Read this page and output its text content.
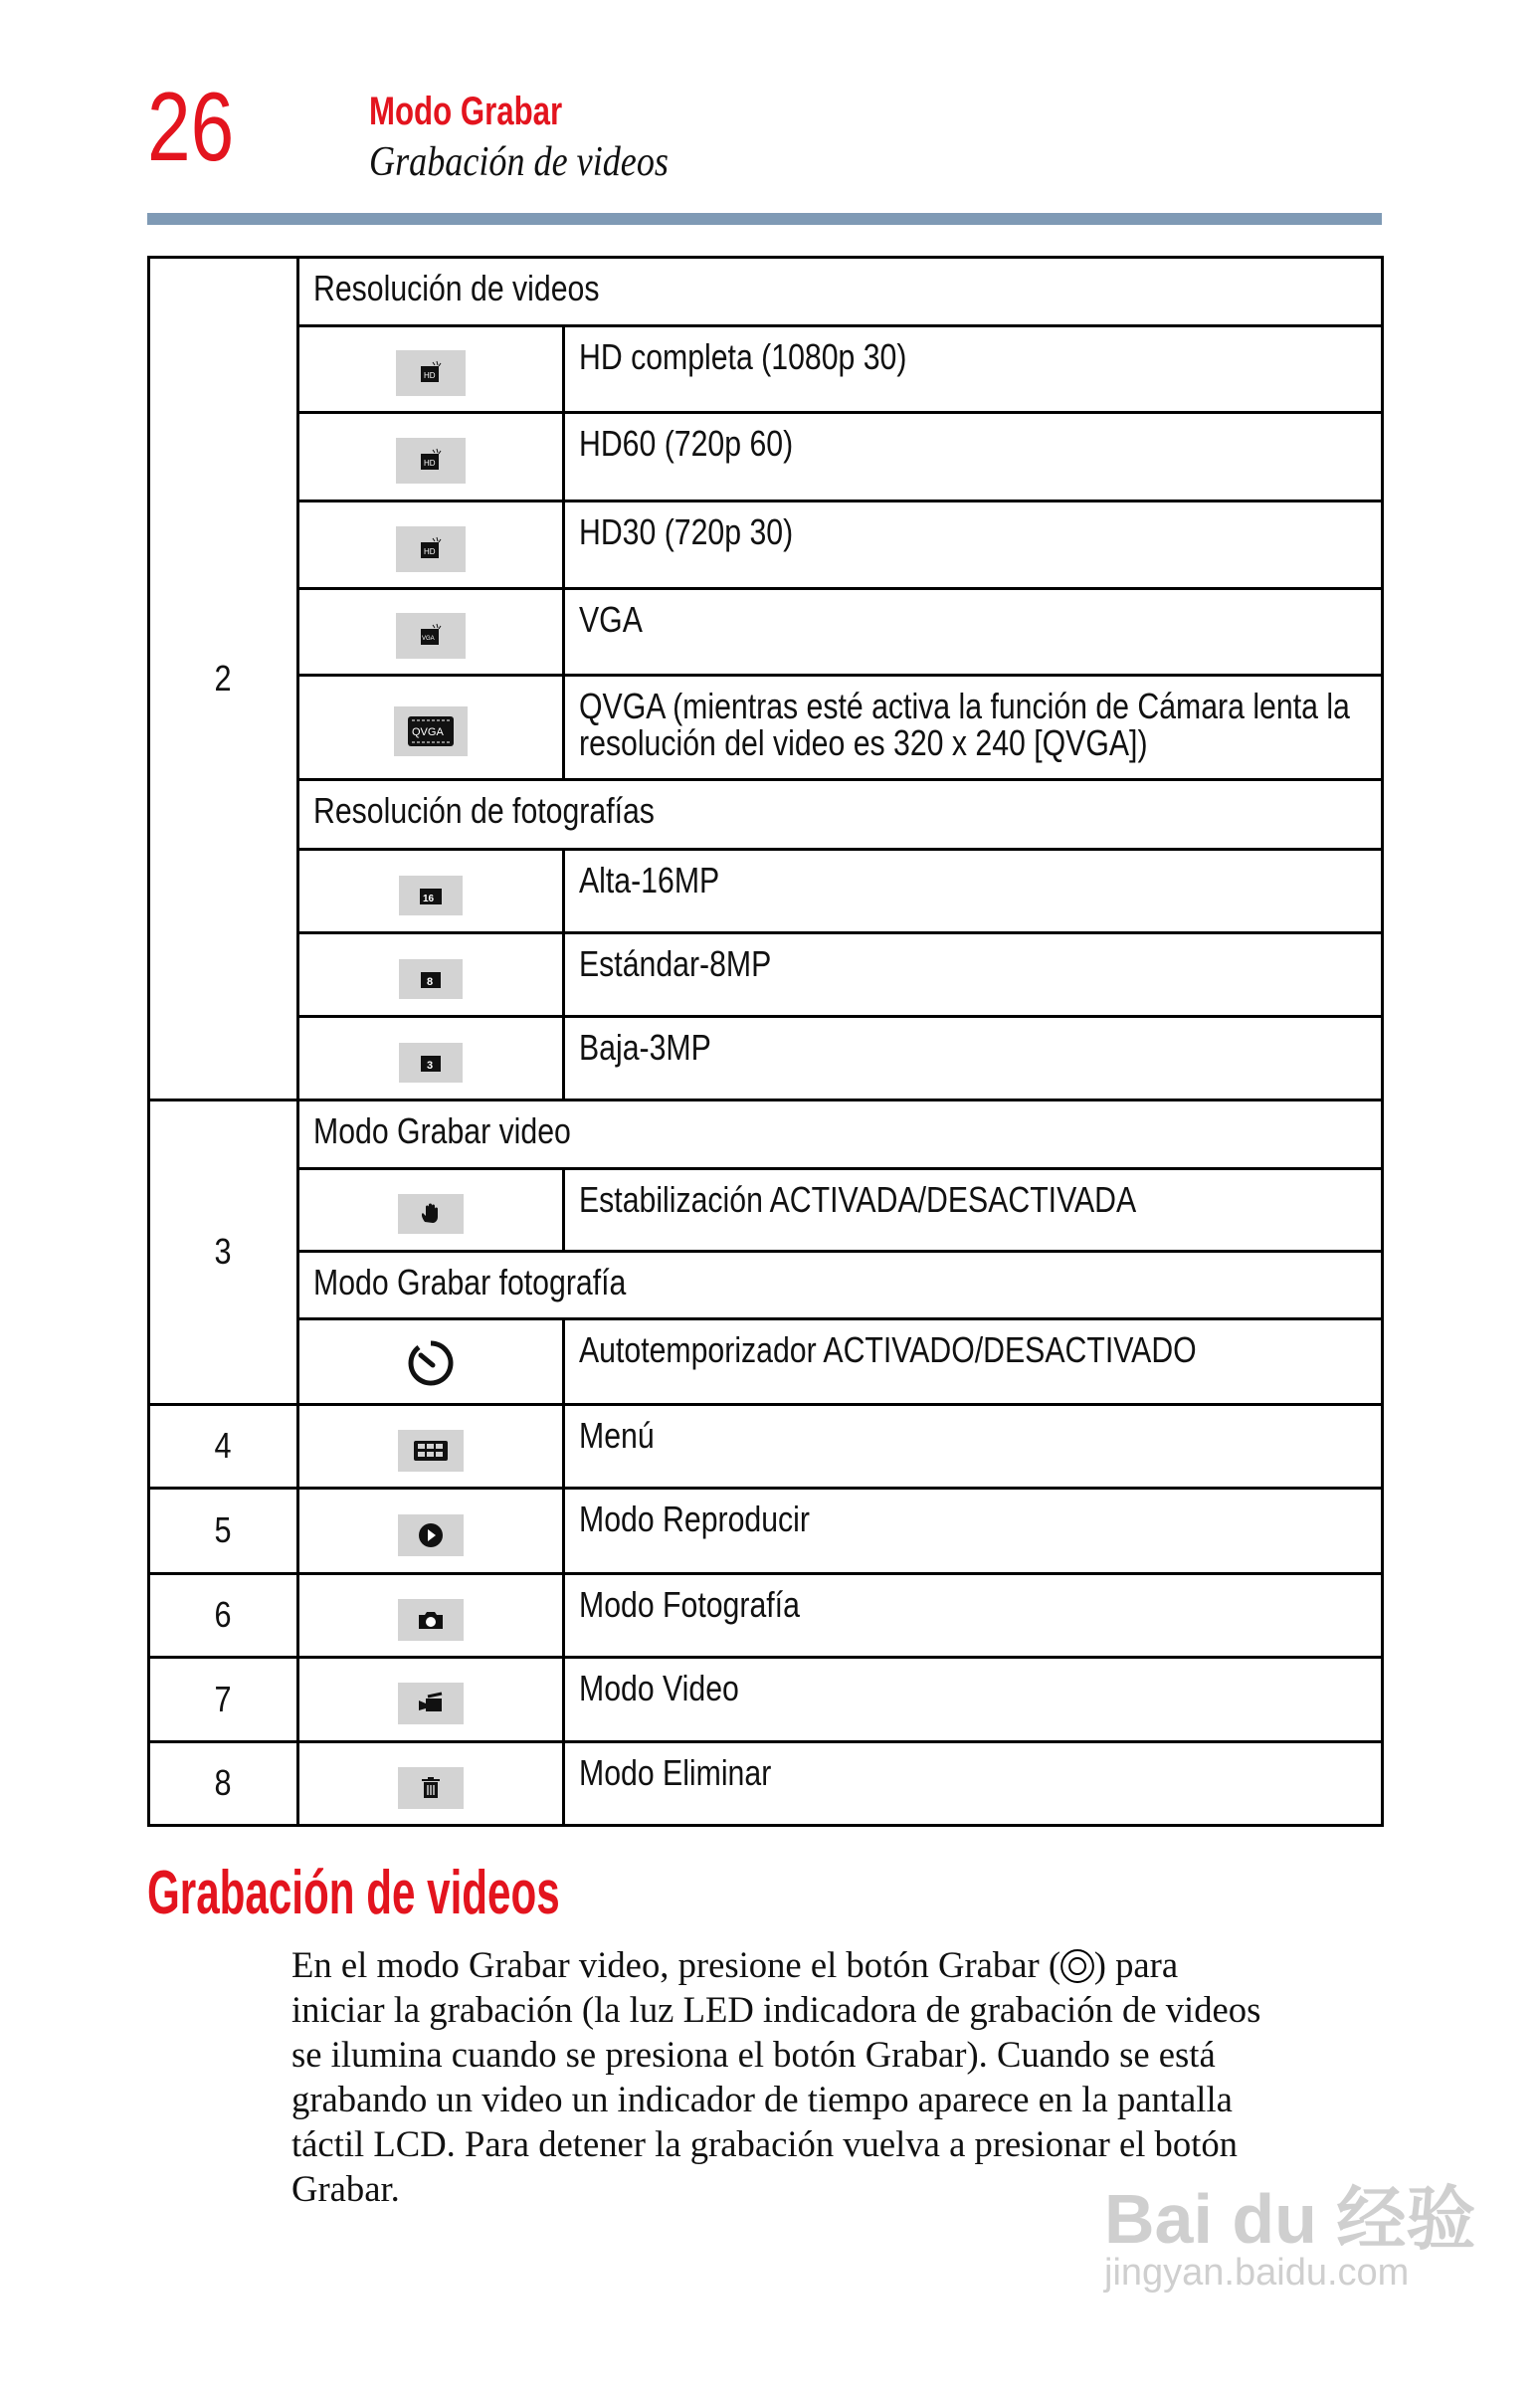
26	Modo Grabar
Grabación de videos
2	Resolución de videos	

HD	HD completa (1080p 30)

HD	HD60 (720p 60)

HD	HD30 (720p 30)

VGA	VGA

QVGA	QVGA (mientras esté activa la función de Cámara lenta la resolución del video es 320 x 240 [QVGA])

	Resolución de fotografías	

16	Alta-16MP

8	Estándar-8MP

3	Baja-3MP
3	Modo Grabar video	

	Estabilización ACTIVADA/DESACTIVADA
	Modo Grabar fotografía	
	Autotemporizador ACTIVADO/DESACTIVADO
4		Menú
5		Modo Reproducir
6		Modo Fotografía
7		Modo Video
8		Modo Eliminar
Grabación de videos
En el modo Grabar video, presione el botón Grabar ( ) para
iniciar la grabación (la luz LED indicadora de grabación de videos
se ilumina cuando se presiona el botón Grabar). Cuando se está
grabando un video un indicador de tiempo aparece en la pantalla
táctil LCD. Para detener la grabación vuelva a presionar el botón
Grabar.	Bai du 经验
jingyan.baidu.com
